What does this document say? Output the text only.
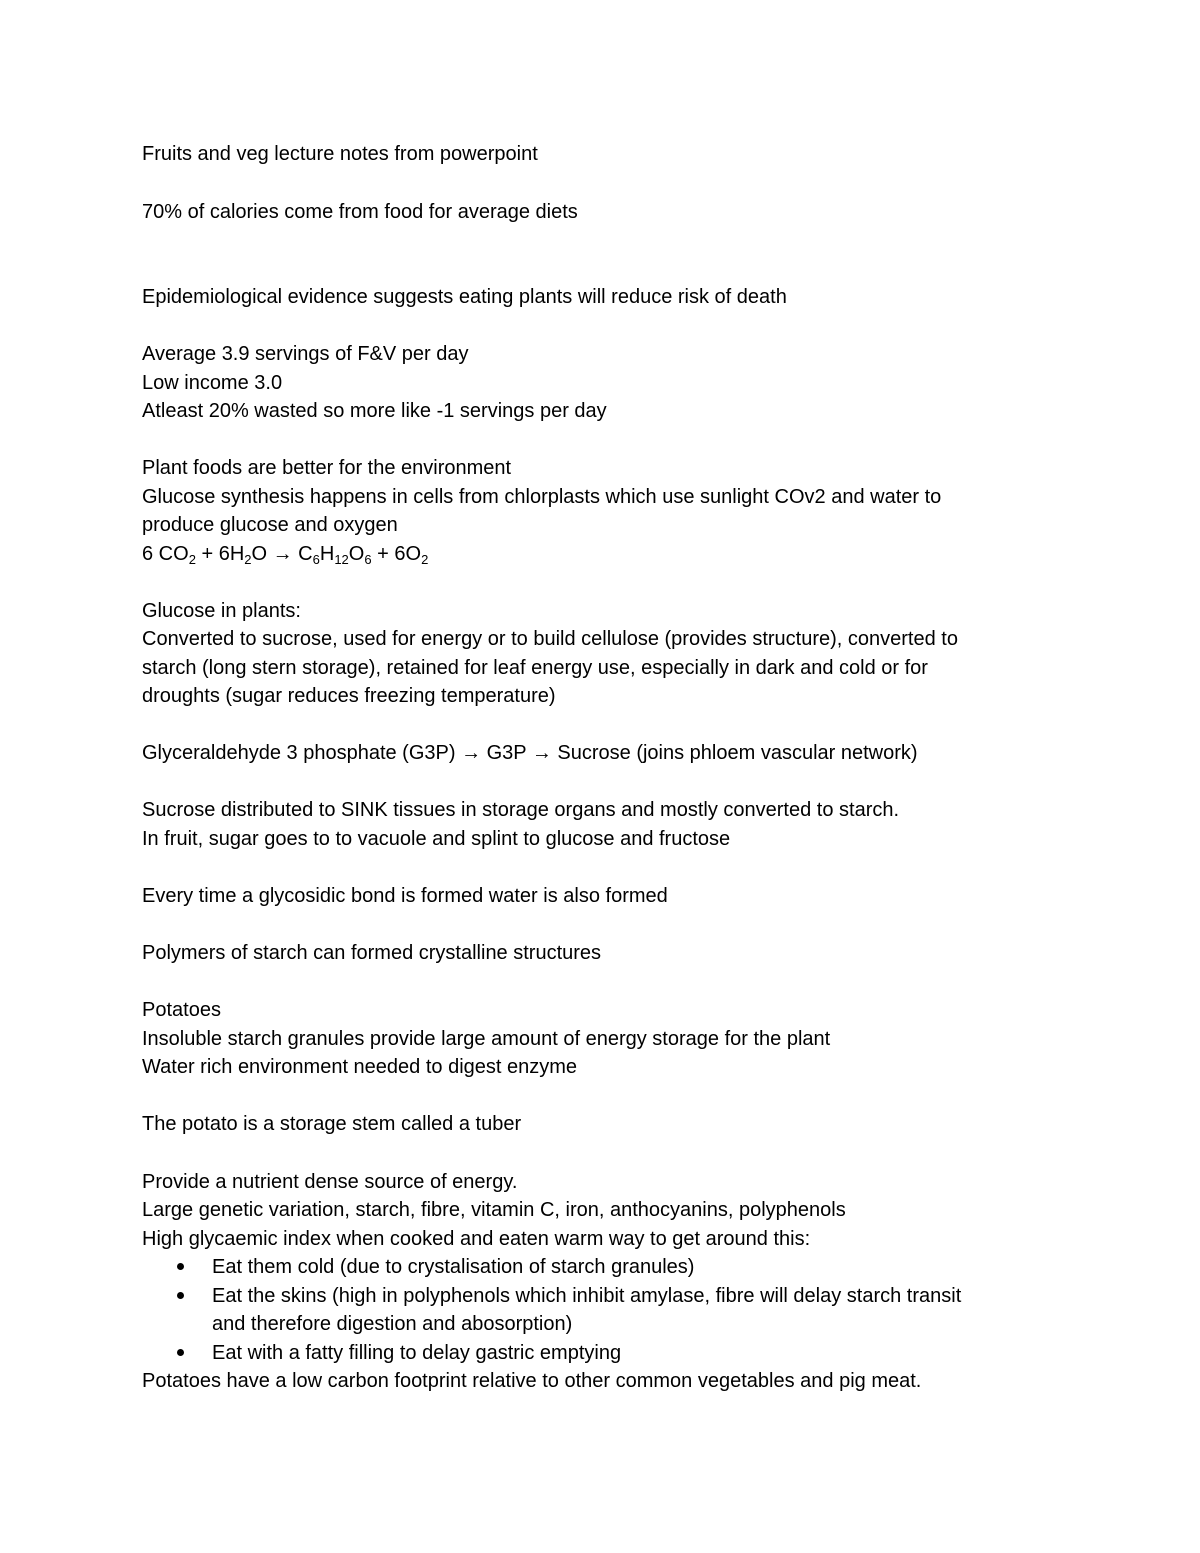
Fruits and veg lecture notes from powerpoint

70% of calories come from food for average diets

Epidemiological evidence suggests eating plants will reduce risk of death

Average 3.9 servings of F&V per day

Low income 3.0

Atleast 20% wasted so more like -1 servings per day

Plant foods are better for the environment

Glucose synthesis happens in cells from chlorplasts which use sunlight COv2 and water to

produce glucose and oxygen

6 $CO_2 + 6H_2O \to C_6H_{12}O_6 + 6O_2$

Glucose in plants:

Converted to sucrose, used for energy or to build cellulose (provides structure), converted to

starch (long stern storage), retained for leaf energy use, especially in dark and cold or for

droughts (sugar reduces freezing temperature)

Glyceraldehyde 3 phosphate (G3P) → G3P → Sucrose (joins phloem vascular network)

Sucrose distributed to SINK tissues in storage organs and mostly converted to starch.

In fruit, sugar goes to to vacuole and splint to glucose and fructose

Every time a glycosidic bond is formed water is also formed

Polymers of starch can formed crystalline structures

Potatoes

Insoluble starch granules provide large amount of energy storage for the plant

Water rich environment needed to digest enzyme

The potato is a storage stem called a tuber

Provide a nutrient dense source of energy.

Large genetic variation, starch, fibre, vitamin C, iron, anthocyanins, polyphenols

High glycaemic index when cooked and eaten warm way to get around this:

Eat them cold (due to crystalisation of starch granules)

Eat the skins (high in polyphenols which inhibit amylase, fibre will delay starch transit

and therefore digestion and abosorption)

Eat with a fatty filling to delay gastric emptying

Potatoes have a low carbon footprint relative to other common vegetables and pig meat.
